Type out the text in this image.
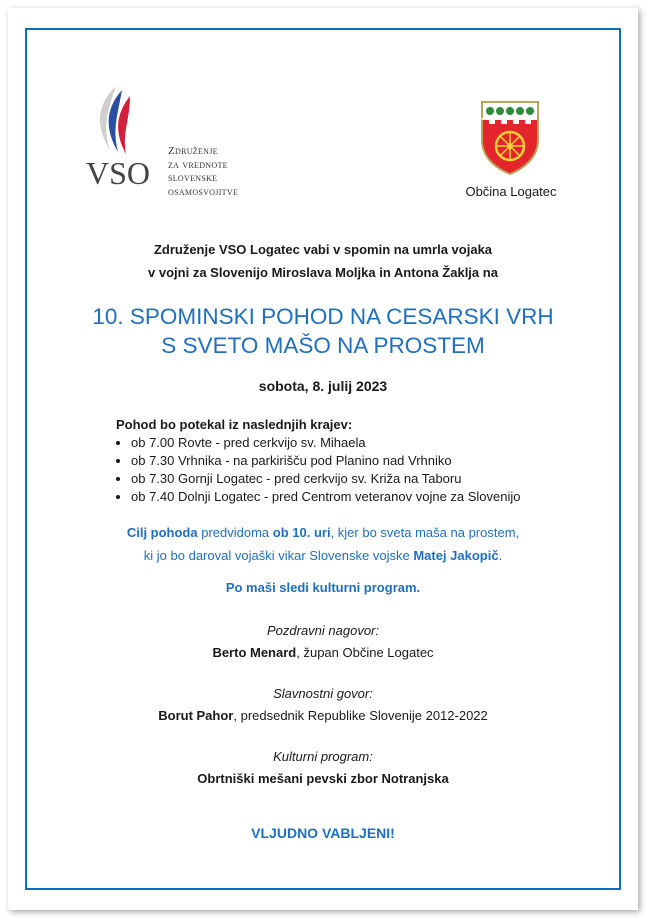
VSO
Združenje
za vrednote
slovenske
osamosvojitve	Občina Logatec
Združenje VSO Logatec vabi v spomin na umrla vojaka
v vojni za Slovenijo Miroslava Moljka in Antona Žaklja na
10. SPOMINSKI POHOD NA CESARSKI VRH
S SVETO MAŠO NA PROSTEM
sobota, 8. julij 2023
Pohod bo potekal iz naslednjih krajev:
• ob 7.00 Rovte - pred cerkvijo sv. Mihaela
• ob 7.30 Vrhnika - na parkirišču pod Planino nad Vrhniko
• ob 7.30 Gornji Logatec - pred cerkvijo sv. Križa na Taboru
• ob 7.40 Dolnji Logatec - pred Centrom veteranov vojne za Slovenijo
Cilj pohoda predvidoma ob 10. uri, kjer bo sveta maša na prostem,
ki jo bo daroval vojaški vikar Slovenske vojske Matej Jakopič.
Po maši sledi kulturni program.
Pozdravni nagovor:
Berto Menard, župan Občine Logatec
Slavnostni govor:
Borut Pahor, predsednik Republike Slovenije 2012-2022
Kulturni program:
Obrtniški mešani pevski zbor Notranjska
VLJUDNO VABLJENI!
